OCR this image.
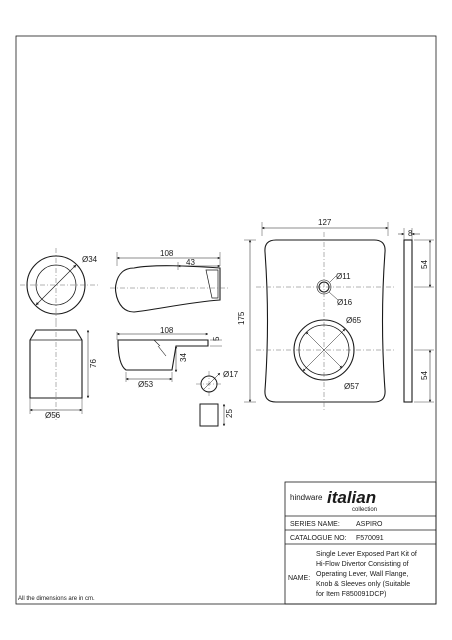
Ø34
76
Ø56
108
43
108
5
34
Ø53
Ø17
25
127
175
Ø11
Ø16
Ø65
Ø57
8
54
54
hindware italian
collection
SERIES NAME: ASPIRO
CATALOGUE NO: F570091
NAME:
Single Lever Exposed Part Kit of
Hi-Flow Divertor Consisting of
Operating Lever, Wall Flange,
Knob & Sleeves only (Suitable
for Item F850091DCP)
All the dimensions are in cm.
